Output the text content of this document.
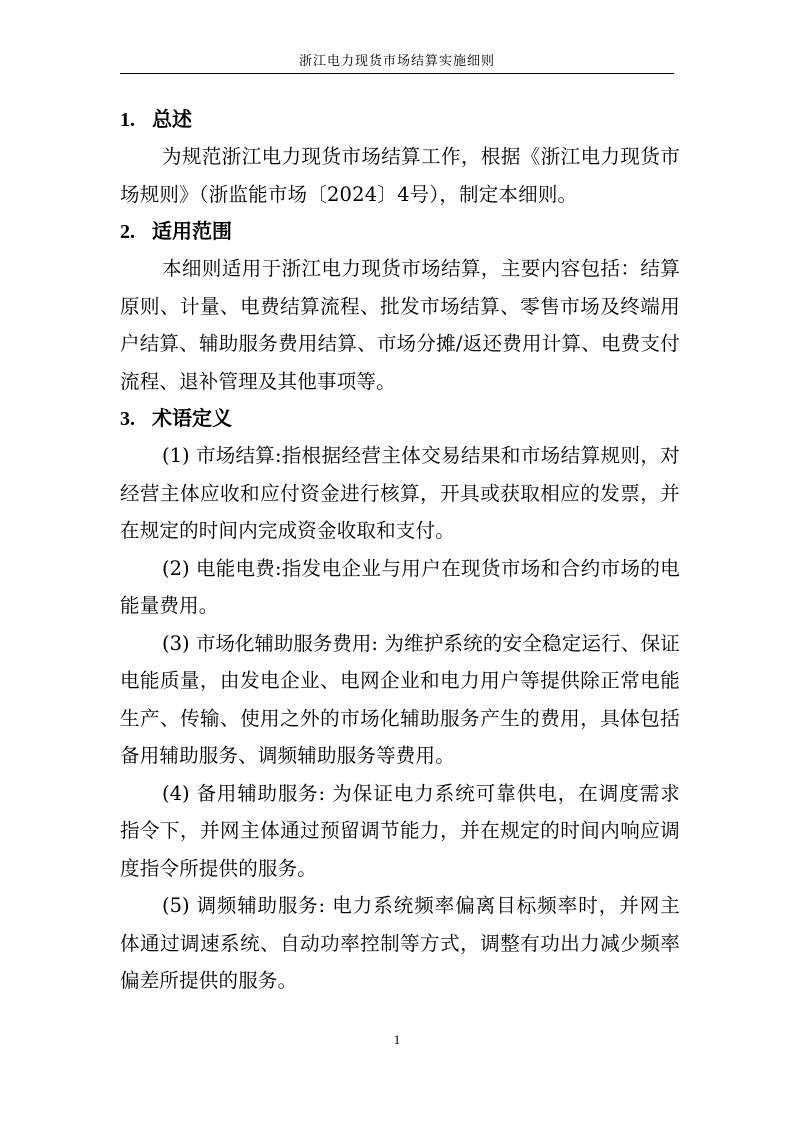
浙江电力现货市场结算实施细则
1. 总述

为规范浙江电力现货市场结算工作，根据《浙江电力现货市场规则》（浙监能市场〔2024〕4号），制定本细则。

2. 适用范围

本细则适用于浙江电力现货市场结算，主要内容包括：结算原则、计量、电费结算流程、批发市场结算、零售市场及终端用户结算、辅助服务费用结算、市场分摊/返还费用计算、电费支付流程、退补管理及其他事项等。

3. 术语定义

(1) 市场结算:指根据经营主体交易结果和市场结算规则，对经营主体应收和应付资金进行核算，开具或获取相应的发票，并在规定的时间内完成资金收取和支付。

(2) 电能电费:指发电企业与用户在现货市场和合约市场的电能量费用。

(3) 市场化辅助服务费用: 为维护系统的安全稳定运行、保证电能质量，由发电企业、电网企业和电力用户等提供除正常电能生产、传输、使用之外的市场化辅助服务产生的费用，具体包括备用辅助服务、调频辅助服务等费用。

(4) 备用辅助服务: 为保证电力系统可靠供电，在调度需求指令下，并网主体通过预留调节能力，并在规定的时间内响应调度指令所提供的服务。

(5) 调频辅助服务: 电力系统频率偏离目标频率时，并网主体通过调速系统、自动功率控制等方式，调整有功出力减少频率偏差所提供的服务。

1
